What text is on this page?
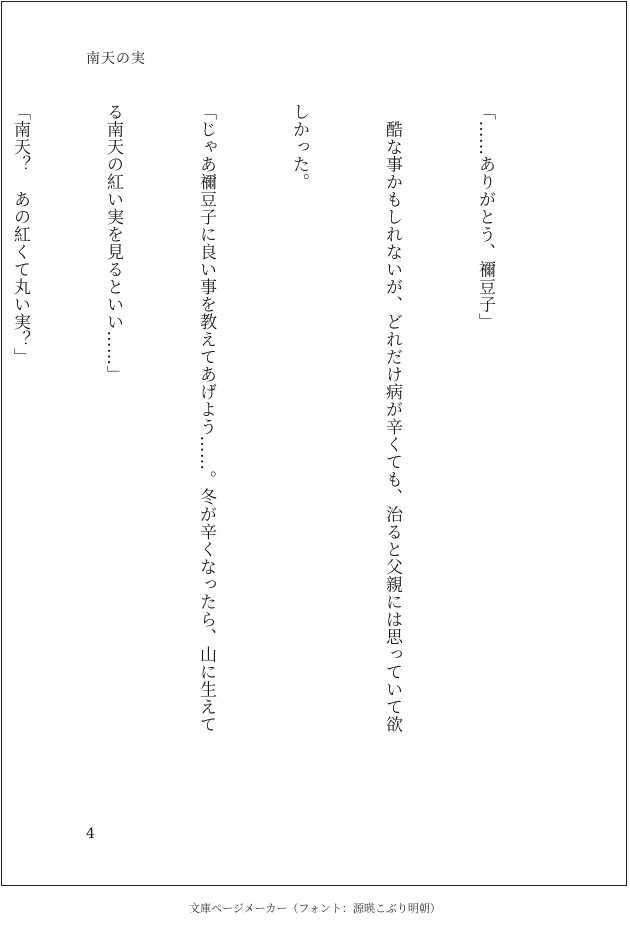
南天の実

「……ありがとう、禰豆子」

　酷な事かもしれないが、どれだけ病が辛くても、治ると父親には思っていて欲

しかった。

「じゃあ禰豆子に良い事を教えてあげよう……。冬が辛くなったら、山に生えて

る南天の紅い実を見るといい……」

「南天？　あの紅くて丸い実？」

4
文庫ページメーカー（フォント：源暎こぶり明朝）
